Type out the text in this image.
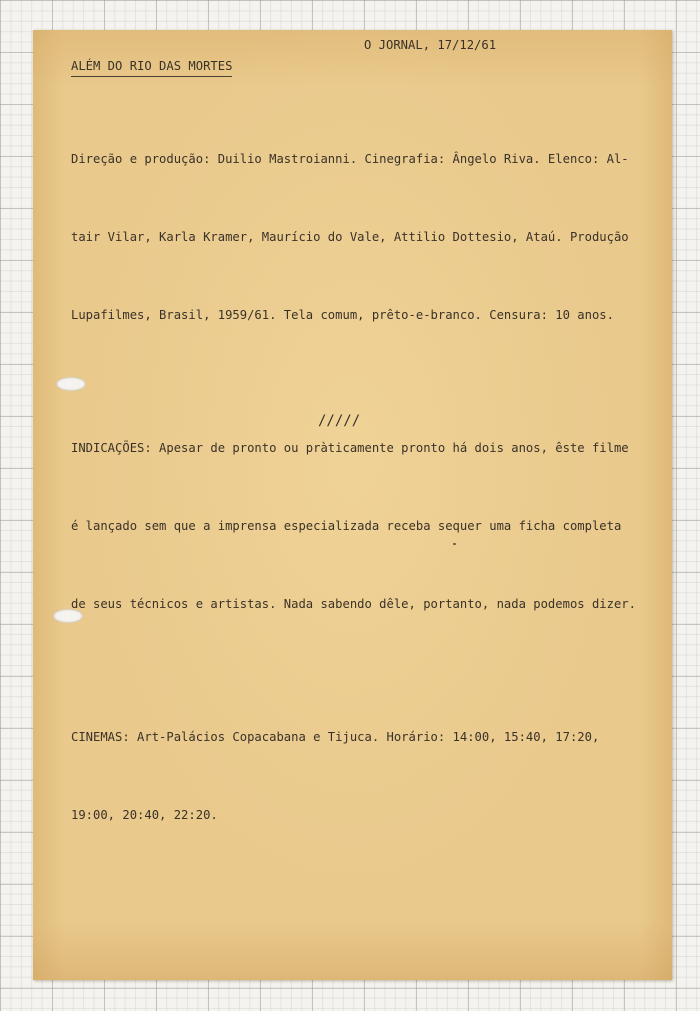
O JORNAL, 17/12/61
ALÉM DO RIO DAS MORTES

Direção e produção: Duilio Mastroianni. Cinegrafia: Ângelo Riva. Elenco: Al-

tair Vilar, Karla Kramer, Maurício do Vale, Attilio Dottesio, Ataú. Produção

Lupafilmes, Brasil, 1959/61. Tela comum, prêto-e-branco. Censura: 10 anos.

INDICAÇÕES: Apesar de pronto ou pràticamente pronto há dois anos, êste filme

é lançado sem que a imprensa especializada receba sequer uma ficha completa

de seus técnicos e artistas. Nada sabendo dêle, portanto, nada podemos dizer.

CINEMAS: Art-Palácios Copacabana e Tijuca. Horário: 14:00, 15:40, 17:20,

19:00, 20:40, 22:20.

/////
